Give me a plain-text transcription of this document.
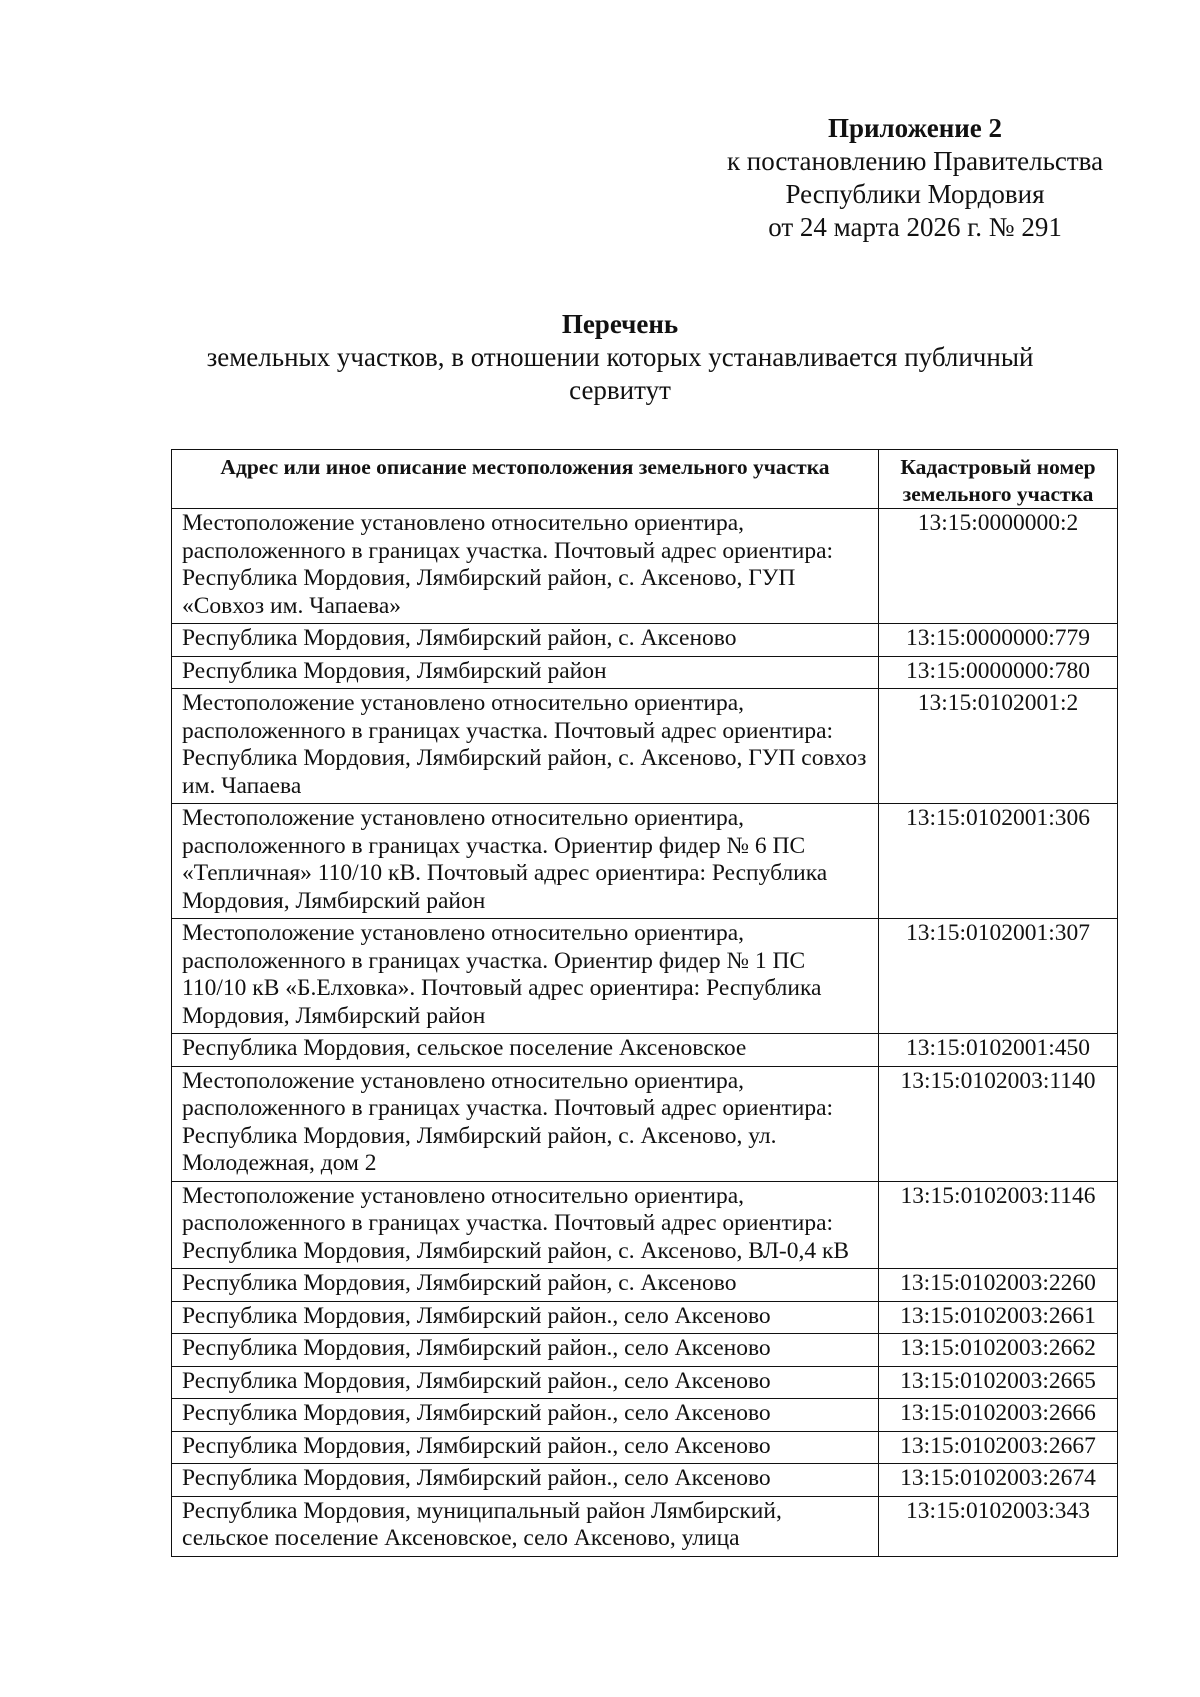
Приложение 2
к постановлению Правительства
Республики Мордовия
от 24 марта 2026 г. № 291
Перечень
земельных участков, в отношении которых устанавливается публичный
сервитут
Адрес или иное описание местоположения земельного участка	Кадастровый номер земельного участка
Местоположение установлено относительно ориентира, расположенного в границах участка. Почтовый адрес ориентира: Республика Мордовия, Лямбирский район, с. Аксеново, ГУП «Совхоз им. Чапаева»	13:15:0000000:2
Республика Мордовия, Лямбирский район, с. Аксеново	13:15:0000000:779
Республика Мордовия, Лямбирский район	13:15:0000000:780
Местоположение установлено относительно ориентира, расположенного в границах участка. Почтовый адрес ориентира: Республика Мордовия, Лямбирский район, с. Аксеново, ГУП совхоз им. Чапаева	13:15:0102001:2
Местоположение установлено относительно ориентира, расположенного в границах участка. Ориентир фидер № 6 ПС «Тепличная» 110/10 кВ. Почтовый адрес ориентира: Республика Мордовия, Лямбирский район	13:15:0102001:306
Местоположение установлено относительно ориентира, расположенного в границах участка. Ориентир фидер № 1 ПС 110/10 кВ «Б.Елховка». Почтовый адрес ориентира: Республика Мордовия, Лямбирский район	13:15:0102001:307
Республика Мордовия, сельское поселение Аксеновское	13:15:0102001:450
Местоположение установлено относительно ориентира, расположенного в границах участка. Почтовый адрес ориентира: Республика Мордовия, Лямбирский район, с. Аксеново, ул. Молодежная, дом 2	13:15:0102003:1140
Местоположение установлено относительно ориентира, расположенного в границах участка. Почтовый адрес ориентира: Республика Мордовия, Лямбирский район, с. Аксеново, ВЛ-0,4 кВ	13:15:0102003:1146
Республика Мордовия, Лямбирский район, с. Аксеново	13:15:0102003:2260
Республика Мордовия, Лямбирский район., село Аксеново	13:15:0102003:2661
Республика Мордовия, Лямбирский район., село Аксеново	13:15:0102003:2662
Республика Мордовия, Лямбирский район., село Аксеново	13:15:0102003:2665
Республика Мордовия, Лямбирский район., село Аксеново	13:15:0102003:2666
Республика Мордовия, Лямбирский район., село Аксеново	13:15:0102003:2667
Республика Мордовия, Лямбирский район., село Аксеново	13:15:0102003:2674
Республика Мордовия, муниципальный район Лямбирский, сельское поселение Аксеновское, село Аксеново, улица	13:15:0102003:343
